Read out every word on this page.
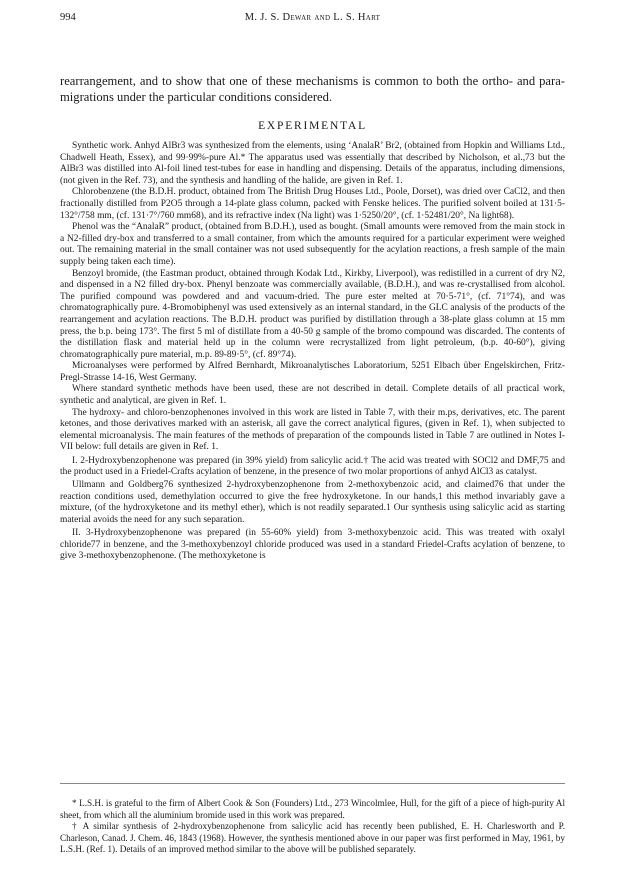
994	M. J. S. Dewar and L. S. Hart
rearrangement, and to show that one of these mechanisms is common to both the ortho- and para-migrations under the particular conditions considered.
EXPERIMENTAL

Synthetic work. Anhyd AlBr3 was synthesized from the elements, using ‘AnalaR’ Br2, (obtained from Hopkin and Williams Ltd., Chadwell Heath, Essex), and 99·99%-pure Al.* The apparatus used was essentially that described by Nicholson, et al.,73 but the AlBr3 was distilled into Al-foil lined test-tubes for ease in handling and dispensing. Details of the apparatus, including dimensions, (not given in the Ref. 73), and the synthesis and handling of the halide, are given in Ref. 1.

Chlorobenzene (the B.D.H. product, obtained from The British Drug Houses Ltd., Poole, Dorset), was dried over CaCl2, and then fractionally distilled from P2O5 through a 14-plate glass column, packed with Fenske helices. The purified solvent boiled at 131·5-132°/758 mm, (cf. 131·7°/760 mm68), and its refractive index (Na light) was 1·5250/20°, (cf. 1·52481/20°, Na light68).

Phenol was the “AnalaR” product, (obtained from B.D.H.), used as bought. (Small amounts were removed from the main stock in a N2-filled dry-box and transferred to a small container, from which the amounts required for a particular experiment were weighed out. The remaining material in the small container was not used subsequently for the acylation reactions, a fresh sample of the main supply being taken each time).

Benzoyl bromide, (the Eastman product, obtained through Kodak Ltd., Kirkby, Liverpool), was redistilled in a current of dry N2, and dispensed in a N2 filled dry-box. Phenyl benzoate was commercially available, (B.D.H.), and was re-crystallised from alcohol. The purified compound was powdered and and vacuum-dried. The pure ester melted at 70·5-71°, (cf. 71°74), and was chromatographically pure. 4-Bromobiphenyl was used extensively as an internal standard, in the GLC analysis of the products of the rearrangement and acylation reactions. The B.D.H. product was purified by distillation through a 38-plate glass column at 15 mm press, the b.p. being 173°. The first 5 ml of distillate from a 40-50 g sample of the bromo compound was discarded. The contents of the distillation flask and material held up in the column were recrystallized from light petroleum, (b.p. 40-60°), giving chromatographically pure material, m.p. 89-89·5°, (cf. 89°74).

Microanalyses were performed by Alfred Bernhardt, Mikroanalytisches Laboratorium, 5251 Elbach über Engelskirchen, Fritz-Pregl-Strasse 14-16, West Germany.

Where standard synthetic methods have been used, these are not described in detail. Complete details of all practical work, synthetic and analytical, are given in Ref. 1.

The hydroxy- and chloro-benzophenones involved in this work are listed in Table 7, with their m.ps, derivatives, etc. The parent ketones, and those derivatives marked with an asterisk, all gave the correct analytical figures, (given in Ref. 1), when subjected to elemental microanalysis. The main features of the methods of preparation of the compounds listed in Table 7 are outlined in Notes I-VII below: full details are given in Ref. 1.

I. 2-Hydroxybenzophenone was prepared (in 39% yield) from salicylic acid.† The acid was treated with SOCl2 and DMF,75 and the product used in a Friedel-Crafts acylation of benzene, in the presence of two molar proportions of anhyd AlCl3 as catalyst.

Ullmann and Goldberg76 synthesized 2-hydroxybenzophenone from 2-methoxybenzoic acid, and claimed76 that under the reaction conditions used, demethylation occurred to give the free hydroxyketone. In our hands,1 this method invariably gave a mixture, (of the hydroxyketone and its methyl ether), which is not readily separated.1 Our synthesis using salicylic acid as starting material avoids the need for any such separation.

II. 3-Hydroxybenzophenone was prepared (in 55-60% yield) from 3-methoxybenzoic acid. This was treated with oxalyl chloride77 in benzene, and the 3-methoxybenzoyl chloride produced was used in a standard Friedel-Crafts acylation of benzene, to give 3-methoxybenzophenone. (The methoxyketone is

* L.S.H. is grateful to the firm of Albert Cook & Son (Founders) Ltd., 273 Wincolmlee, Hull, for the gift of a piece of high-purity Al sheet, from which all the aluminium bromide used in this work was prepared.

† A similar synthesis of 2-hydroxybenzophenone from salicylic acid has recently been published, E. H. Charlesworth and P. Charleson, Canad. J. Chem. 46, 1843 (1968). However, the synthesis mentioned above in our paper was first performed in May, 1961, by L.S.H. (Ref. 1). Details of an improved method similar to the above will be published separately.
